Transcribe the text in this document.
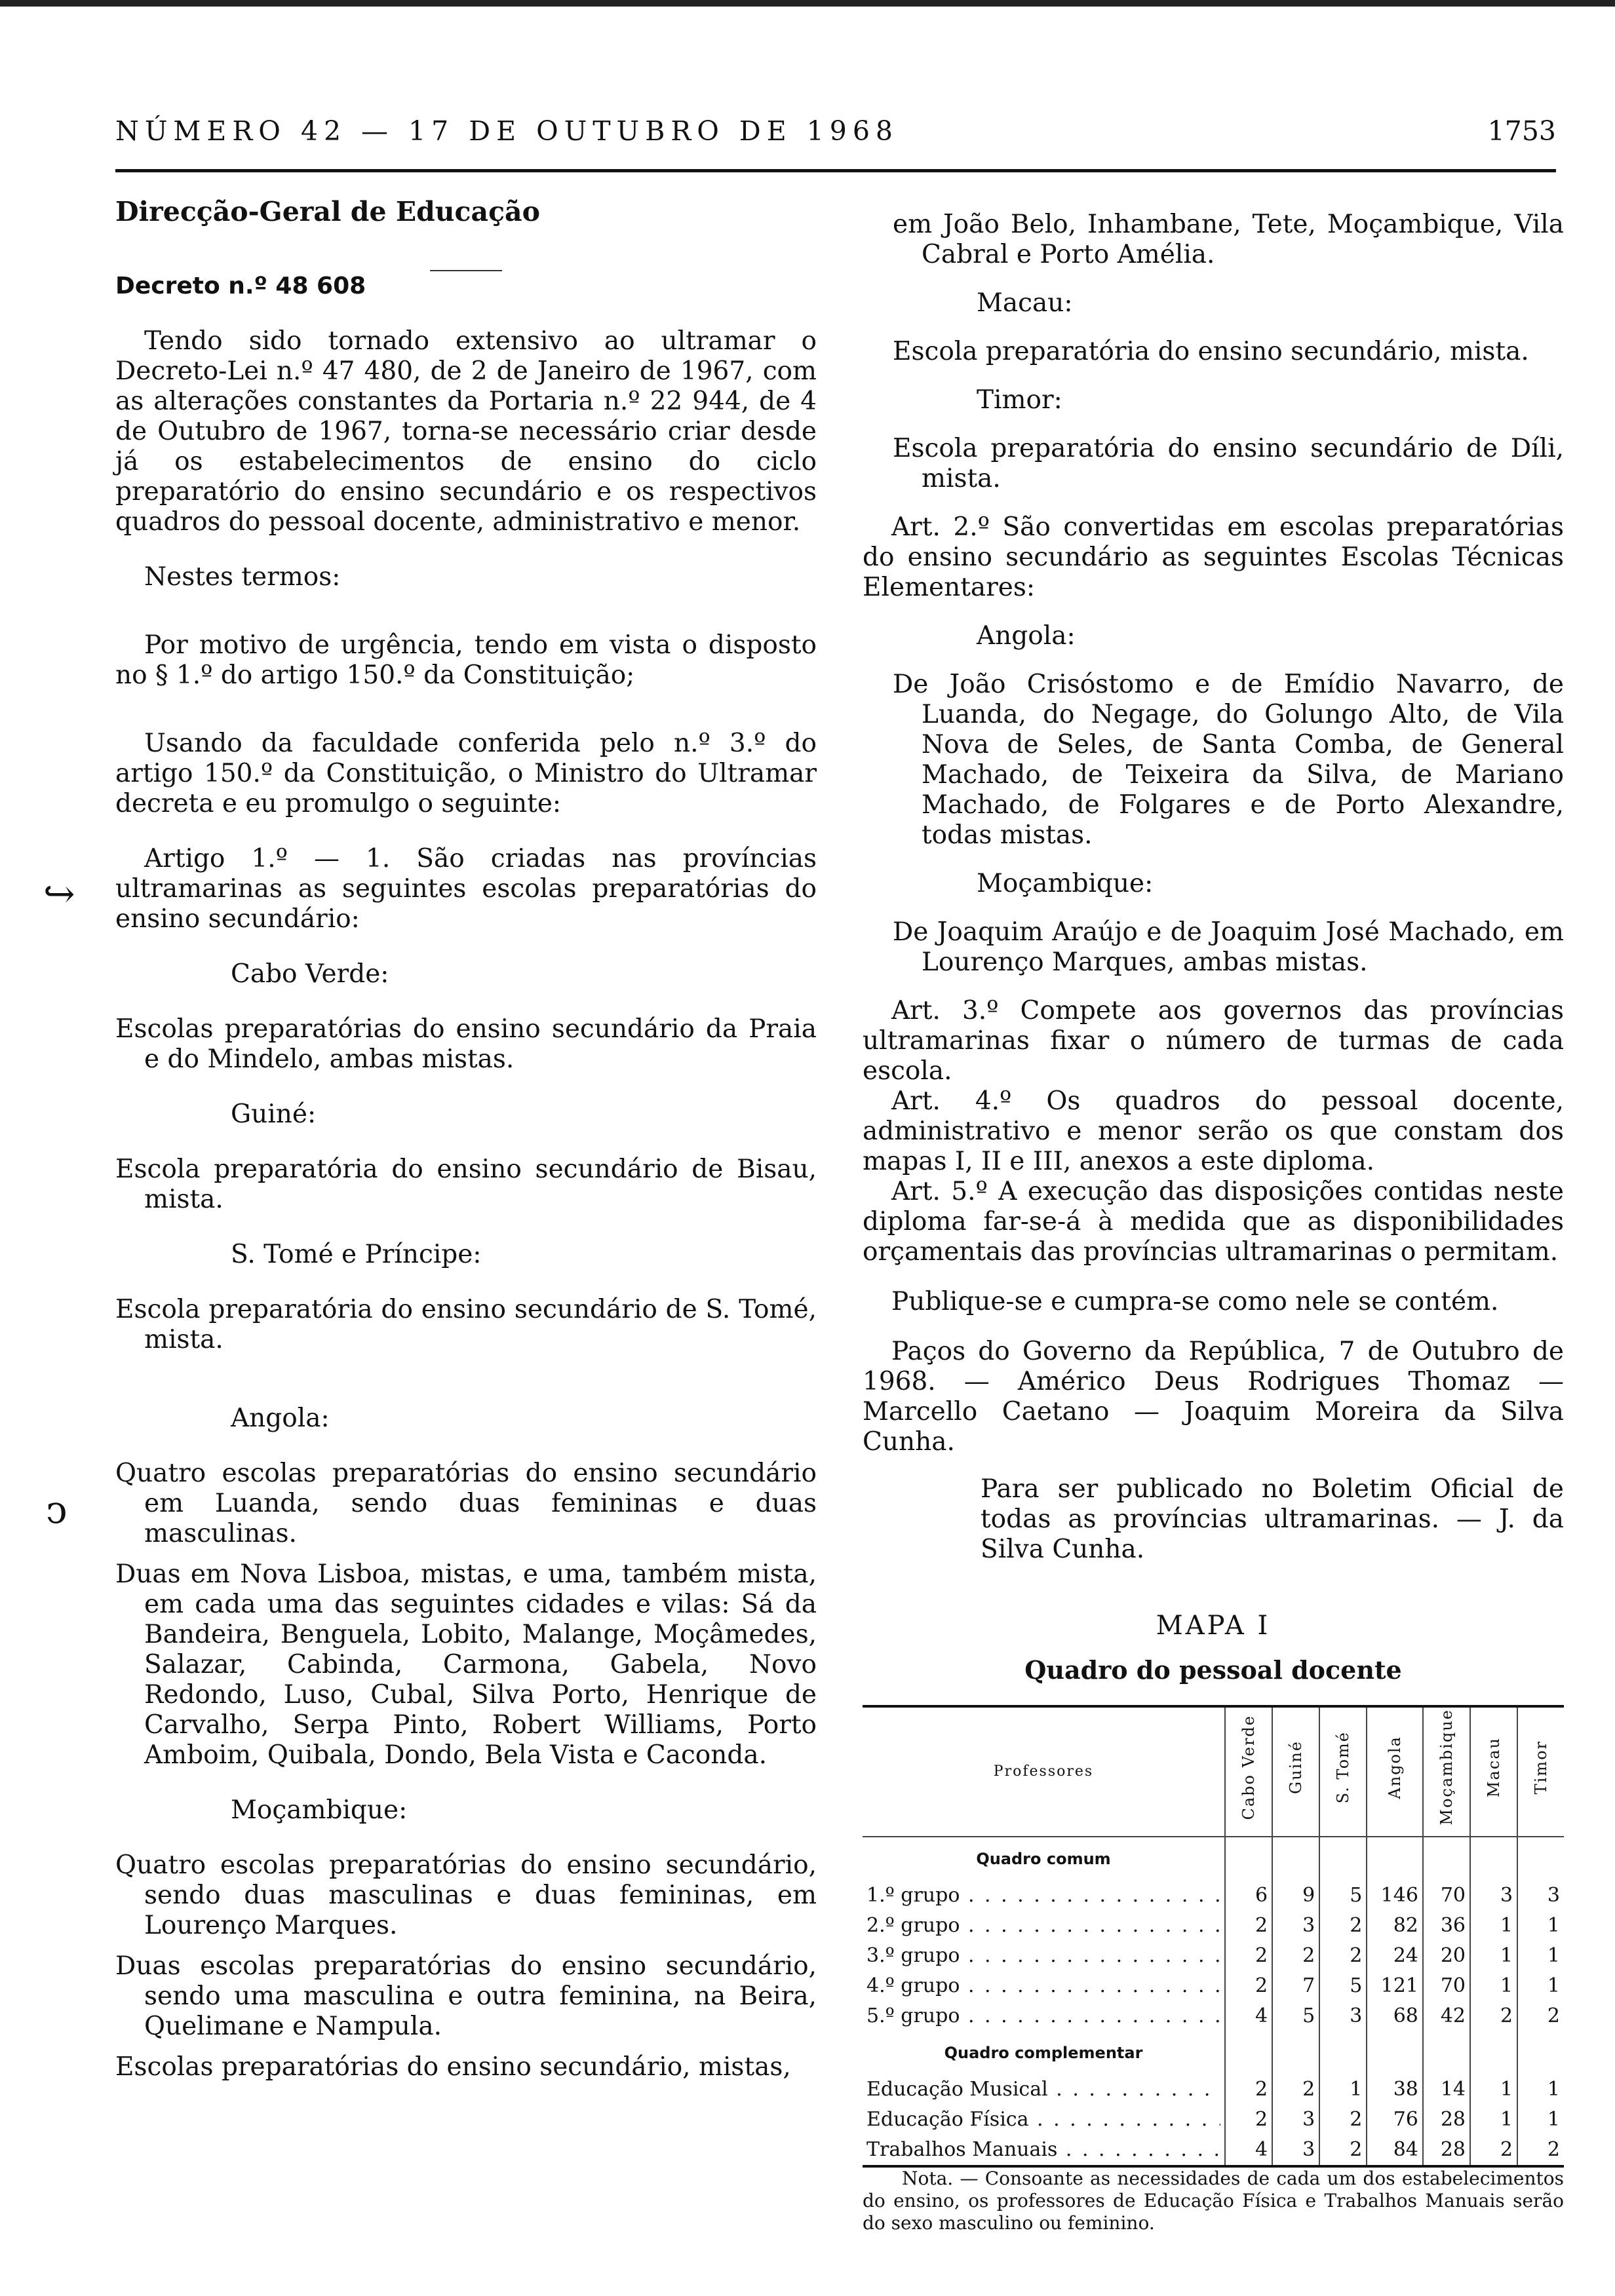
NÚMERO 42 — 17 DE OUTUBRO DE 1968	1753
↪
ↄ

Direcção-Geral de Educação

Decreto n.º 48 608

Tendo sido tornado extensivo ao ultramar o Decreto-Lei n.º 47 480, de 2 de Janeiro de 1967, com as alterações constantes da Portaria n.º 22 944, de 4 de Outubro de 1967, torna-se necessário criar desde já os estabelecimentos de ensino do ciclo preparatório do ensino secundário e os respectivos quadros do pessoal docente, administrativo e menor.

Nestes termos:

Por motivo de urgência, tendo em vista o disposto no § 1.º do artigo 150.º da Constituição;

Usando da faculdade conferida pelo n.º 3.º do artigo 150.º da Constituição, o Ministro do Ultramar decreta e eu promulgo o seguinte:

Artigo 1.º — 1. São criadas nas províncias ultramarinas as seguintes escolas preparatórias do ensino secundário:

Cabo Verde:

Escolas preparatórias do ensino secundário da Praia e do Mindelo, ambas mistas.

Guiné:

Escola preparatória do ensino secundário de Bisau, mista.

S. Tomé e Príncipe:

Escola preparatória do ensino secundário de S. Tomé, mista.

Angola:

Quatro escolas preparatórias do ensino secundário em Luanda, sendo duas femininas e duas masculinas.

Duas em Nova Lisboa, mistas, e uma, também mista, em cada uma das seguintes cidades e vilas: Sá da Bandeira, Benguela, Lobito, Malange, Moçâmedes, Salazar, Cabinda, Carmona, Gabela, Novo Redondo, Luso, Cubal, Silva Porto, Henrique de Carvalho, Serpa Pinto, Robert Williams, Porto Amboim, Quibala, Dondo, Bela Vista e Caconda.

Moçambique:

Quatro escolas preparatórias do ensino secundário, sendo duas masculinas e duas femininas, em Lourenço Marques.

Duas escolas preparatórias do ensino secundário, sendo uma masculina e outra feminina, na Beira, Quelimane e Nampula.

Escolas preparatórias do ensino secundário, mistas,

em João Belo, Inhambane, Tete, Moçambique, Vila Cabral e Porto Amélia.

Macau:

Escola preparatória do ensino secundário, mista.

Timor:

Escola preparatória do ensino secundário de Díli, mista.

Art. 2.º São convertidas em escolas preparatórias do ensino secundário as seguintes Escolas Técnicas Elementares:

Angola:

De João Crisóstomo e de Emídio Navarro, de Luanda, do Negage, do Golungo Alto, de Vila Nova de Seles, de Santa Comba, de General Machado, de Teixeira da Silva, de Mariano Machado, de Folgares e de Porto Alexandre, todas mistas.

Moçambique:

De Joaquim Araújo e de Joaquim José Machado, em Lourenço Marques, ambas mistas.

Art. 3.º Compete aos governos das províncias ultramarinas fixar o número de turmas de cada escola.

Art. 4.º Os quadros do pessoal docente, administrativo e menor serão os que constam dos mapas I, II e III, anexos a este diploma.

Art. 5.º A execução das disposições contidas neste diploma far-se-á à medida que as disponibilidades orçamentais das províncias ultramarinas o permitam.

Publique-se e cumpra-se como nele se contém.

Paços do Governo da República, 7 de Outubro de 1968. — Américo Deus Rodrigues Thomaz — Marcello Caetano — Joaquim Moreira da Silva Cunha.

Para ser publicado no Boletim Oficial de todas as províncias ultramarinas. — J. da Silva Cunha.

MAPA I
Quadro do pessoal docente
Professores	Cabo Verde	Guiné	S. Tomé	Angola	Moçambique	Macau	Timor
Quadro comum							

1.º grupo . . .	6	9	5	146	70	3	3

2.º grupo . . .	2	3	2	82	36	1	1

3.º grupo . . .	2	2	2	24	20	1	1

4.º grupo . . .	2	7	5	121	70	1	1

5.º grupo . . .	4	5	3	68	42	2	2
Quadro complementar							

Educação Musical . . .	2	2	1	38	14	1	1

Educação Física . . .	2	3	2	76	28	1	1

Trabalhos Manuais . . .	4	3	2	84	28	2	2

Nota. — Consoante as necessidades de cada um dos estabelecimentos do ensino, os professores de Educação Física e Trabalhos Manuais serão do sexo masculino ou feminino.
